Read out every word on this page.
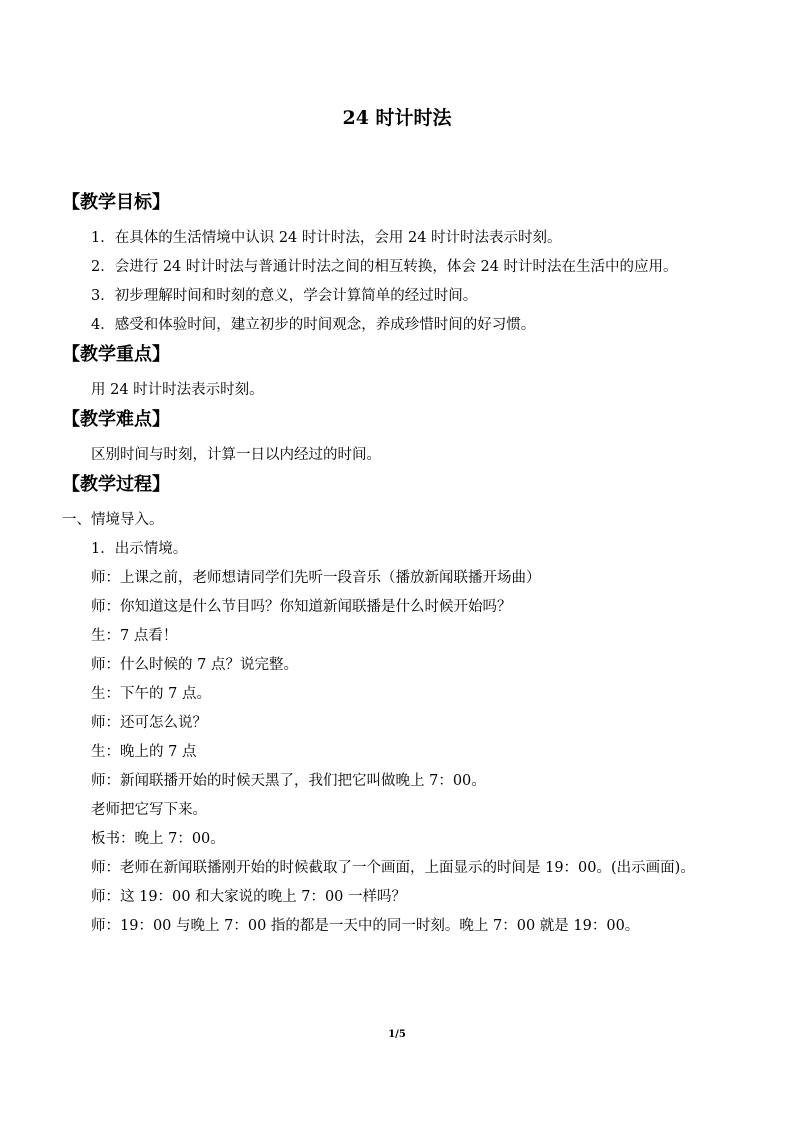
24 时计时法

【教学目标】

1．在具体的生活情境中认识 24 时计时法，会用 24 时计时法表示时刻。

2．会进行 24 时计时法与普通计时法之间的相互转换，体会 24 时计时法在生活中的应用。

3．初步理解时间和时刻的意义，学会计算简单的经过时间。

4．感受和体验时间，建立初步的时间观念，养成珍惜时间的好习惯。

【教学重点】

用 24 时计时法表示时刻。

【教学难点】

区别时间与时刻，计算一日以内经过的时间。

【教学过程】

一、情境导入。

1．出示情境。

师：上课之前，老师想请同学们先听一段音乐（播放新闻联播开场曲）

师：你知道这是什么节目吗？你知道新闻联播是什么时候开始吗？

生：7 点看！

师：什么时候的 7 点？说完整。

生：下午的 7 点。

师：还可怎么说？

生：晚上的 7 点

师：新闻联播开始的时候天黑了，我们把它叫做晚上 7：00。

老师把它写下来。

板书：晚上 7：00。

师：老师在新闻联播刚开始的时候截取了一个画面，上面显示的时间是 19：00。(出示画面)。

师：这 19：00 和大家说的晚上 7：00 一样吗？

师：19：00 与晚上 7：00 指的都是一天中的同一时刻。晚上 7：00 就是 19：00。

1/5
